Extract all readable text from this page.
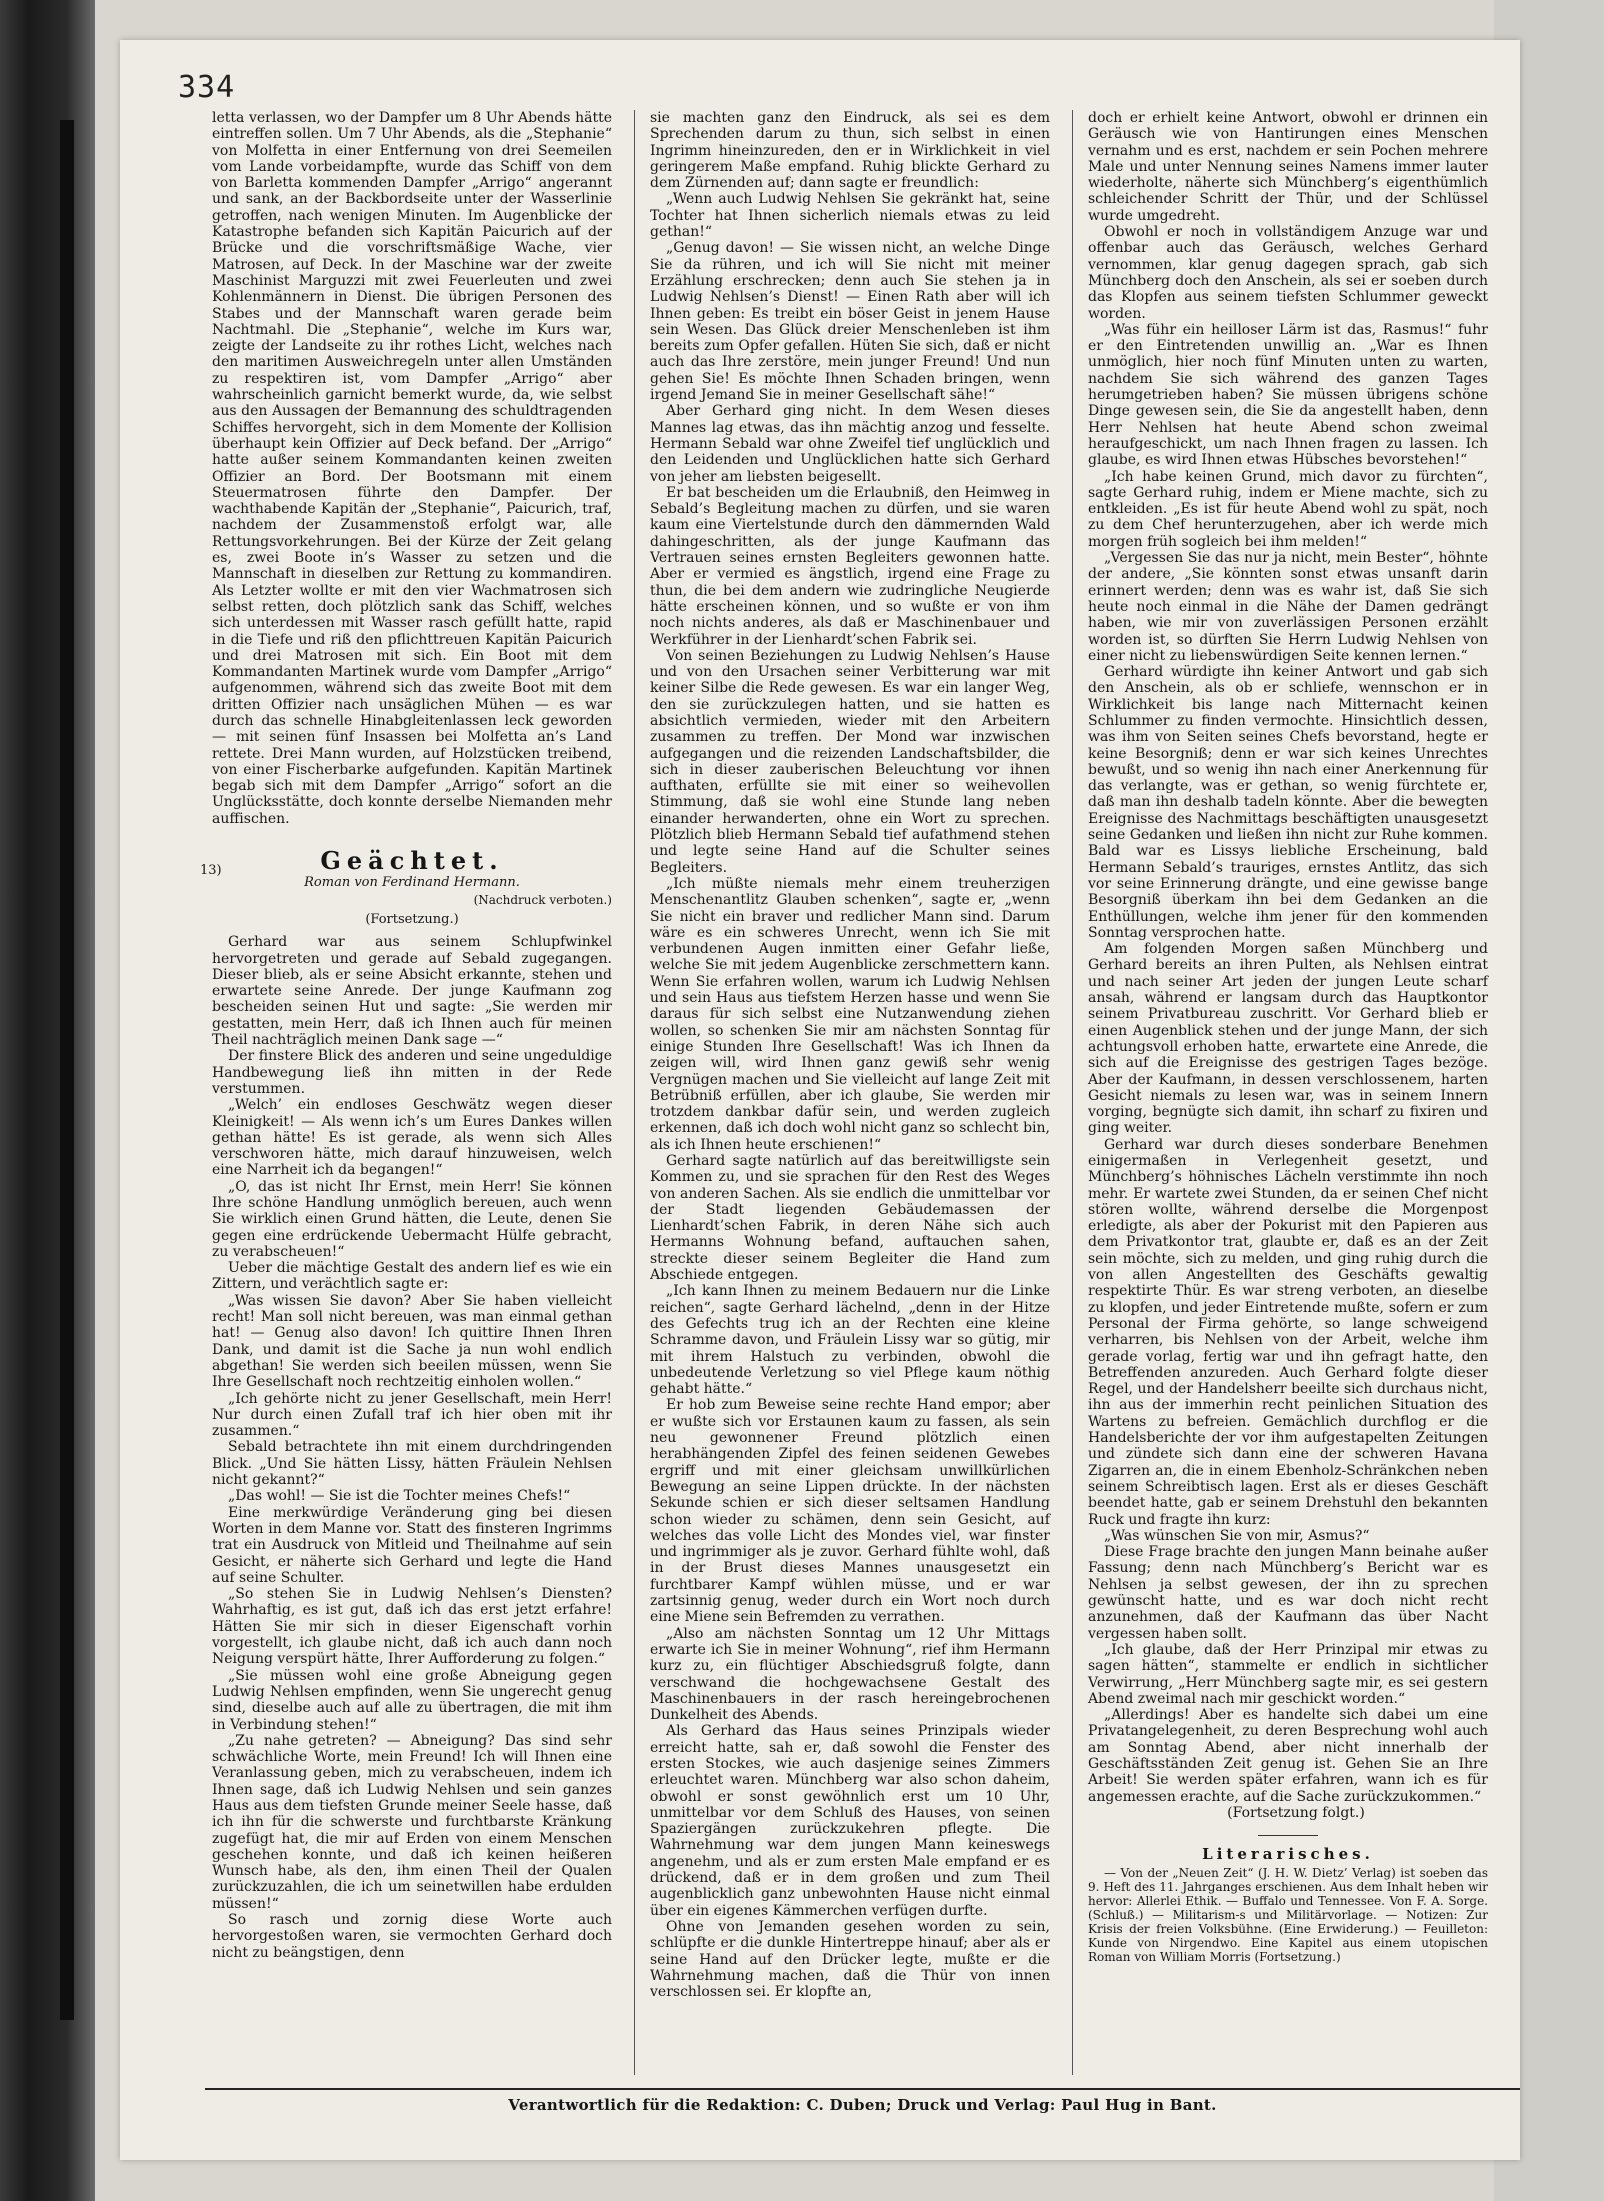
334

letta verlassen, wo der Dampfer um 8 Uhr Abends hätte eintreffen sollen. Um 7 Uhr Abends, als die „Stephanie“ von Molfetta in einer Entfernung von drei Seemeilen vom Lande vorbeidampfte, wurde das Schiff von dem von Barletta kommenden Dampfer „Arrigo“ angerannt und sank, an der Backbordseite unter der Wasserlinie getroffen, nach wenigen Minuten. Im Augenblicke der Katastrophe befanden sich Kapitän Paicurich auf der Brücke und die vorschriftsmäßige Wache, vier Matrosen, auf Deck. In der Maschine war der zweite Maschinist Marguzzi mit zwei Feuerleuten und zwei Kohlenmännern in Dienst. Die übrigen Personen des Stabes und der Mannschaft waren gerade beim Nachtmahl. Die „Stephanie“, welche im Kurs war, zeigte der Landseite zu ihr rothes Licht, welches nach den maritimen Ausweichregeln unter allen Umständen zu respektiren ist, vom Dampfer „Arrigo“ aber wahrscheinlich garnicht bemerkt wurde, da, wie selbst aus den Aussagen der Bemannung des schuldtragenden Schiffes hervorgeht, sich in dem Momente der Kollision überhaupt kein Offizier auf Deck befand. Der „Arrigo“ hatte außer seinem Kommandanten keinen zweiten Offizier an Bord. Der Bootsmann mit einem Steuermatrosen führte den Dampfer. Der wachthabende Kapitän der „Stephanie“, Paicurich, traf, nachdem der Zusammenstoß erfolgt war, alle Rettungsvorkehrungen. Bei der Kürze der Zeit gelang es, zwei Boote in’s Wasser zu setzen und die Mannschaft in dieselben zur Rettung zu kommandiren. Als Letzter wollte er mit den vier Wachmatrosen sich selbst retten, doch plötzlich sank das Schiff, welches sich unterdessen mit Wasser rasch gefüllt hatte, rapid in die Tiefe und riß den pflichttreuen Kapitän Paicurich und drei Matrosen mit sich. Ein Boot mit dem Kommandanten Martinek wurde vom Dampfer „Arrigo“ aufgenommen, während sich das zweite Boot mit dem dritten Offizier nach unsäglichen Mühen — es war durch das schnelle Hinabgleitenlassen leck geworden — mit seinen fünf Insassen bei Molfetta an’s Land rettete. Drei Mann wurden, auf Holzstücken treibend, von einer Fischerbarke aufgefunden. Kapitän Martinek begab sich mit dem Dampfer „Arrigo“ sofort an die Unglücksstätte, doch konnte derselbe Niemanden mehr auffischen.

13)	Geächtet.
Roman von Ferdinand Hermann.
(Nachdruck verboten.)
(Fortsetzung.)

Gerhard war aus seinem Schlupfwinkel hervorgetreten und gerade auf Sebald zugegangen. Dieser blieb, als er seine Absicht erkannte, stehen und erwartete seine Anrede. Der junge Kaufmann zog bescheiden seinen Hut und sagte: „Sie werden mir gestatten, mein Herr, daß ich Ihnen auch für meinen Theil nachträglich meinen Dank sage —“

Der finstere Blick des anderen und seine ungeduldige Handbewegung ließ ihn mitten in der Rede verstummen.

„Welch’ ein endloses Geschwätz wegen dieser Kleinigkeit! — Als wenn ich’s um Eures Dankes willen gethan hätte! Es ist gerade, als wenn sich Alles verschworen hätte, mich darauf hinzuweisen, welch eine Narrheit ich da begangen!“

„O, das ist nicht Ihr Ernst, mein Herr! Sie können Ihre schöne Handlung unmöglich bereuen, auch wenn Sie wirklich einen Grund hätten, die Leute, denen Sie gegen eine erdrückende Uebermacht Hülfe gebracht, zu verabscheuen!“

Ueber die mächtige Gestalt des andern lief es wie ein Zittern, und verächtlich sagte er:

„Was wissen Sie davon? Aber Sie haben vielleicht recht! Man soll nicht bereuen, was man einmal gethan hat! — Genug also davon! Ich quittire Ihnen Ihren Dank, und damit ist die Sache ja nun wohl endlich abgethan! Sie werden sich beeilen müssen, wenn Sie Ihre Gesellschaft noch rechtzeitig einholen wollen.“

„Ich gehörte nicht zu jener Gesellschaft, mein Herr! Nur durch einen Zufall traf ich hier oben mit ihr zusammen.“

Sebald betrachtete ihn mit einem durchdringenden Blick. „Und Sie hätten Lissy, hätten Fräulein Nehlsen nicht gekannt?“

„Das wohl! — Sie ist die Tochter meines Chefs!“

Eine merkwürdige Veränderung ging bei diesen Worten in dem Manne vor. Statt des finsteren Ingrimms trat ein Ausdruck von Mitleid und Theilnahme auf sein Gesicht, er näherte sich Gerhard und legte die Hand auf seine Schulter.

„So stehen Sie in Ludwig Nehlsen’s Diensten? Wahrhaftig, es ist gut, daß ich das erst jetzt erfahre! Hätten Sie mir sich in dieser Eigenschaft vorhin vorgestellt, ich glaube nicht, daß ich auch dann noch Neigung verspürt hätte, Ihrer Aufforderung zu folgen.“

„Sie müssen wohl eine große Abneigung gegen Ludwig Nehlsen empfinden, wenn Sie ungerecht genug sind, dieselbe auch auf alle zu übertragen, die mit ihm in Verbindung stehen!“

„Zu nahe getreten? — Abneigung? Das sind sehr schwächliche Worte, mein Freund! Ich will Ihnen eine Veranlassung geben, mich zu verabscheuen, indem ich Ihnen sage, daß ich Ludwig Nehlsen und sein ganzes Haus aus dem tiefsten Grunde meiner Seele hasse, daß ich ihn für die schwerste und furchtbarste Kränkung zugefügt hat, die mir auf Erden von einem Menschen geschehen konnte, und daß ich keinen heißeren Wunsch habe, als den, ihm einen Theil der Qualen zurückzuzahlen, die ich um seinetwillen habe erdulden müssen!“

So rasch und zornig diese Worte auch hervorgestoßen waren, sie vermochten Gerhard doch nicht zu beängstigen, denn

sie machten ganz den Eindruck, als sei es dem Sprechenden darum zu thun, sich selbst in einen Ingrimm hineinzureden, den er in Wirklichkeit in viel geringerem Maße empfand. Ruhig blickte Gerhard zu dem Zürnenden auf; dann sagte er freundlich:

„Wenn auch Ludwig Nehlsen Sie gekränkt hat, seine Tochter hat Ihnen sicherlich niemals etwas zu leid gethan!“

„Genug davon! — Sie wissen nicht, an welche Dinge Sie da rühren, und ich will Sie nicht mit meiner Erzählung erschrecken; denn auch Sie stehen ja in Ludwig Nehlsen’s Dienst! — Einen Rath aber will ich Ihnen geben: Es treibt ein böser Geist in jenem Hause sein Wesen. Das Glück dreier Menschenleben ist ihm bereits zum Opfer gefallen. Hüten Sie sich, daß er nicht auch das Ihre zerstöre, mein junger Freund! Und nun gehen Sie! Es möchte Ihnen Schaden bringen, wenn irgend Jemand Sie in meiner Gesellschaft sähe!“

Aber Gerhard ging nicht. In dem Wesen dieses Mannes lag etwas, das ihn mächtig anzog und fesselte. Hermann Sebald war ohne Zweifel tief unglücklich und den Leidenden und Unglücklichen hatte sich Gerhard von jeher am liebsten beigesellt.

Er bat bescheiden um die Erlaubniß, den Heimweg in Sebald’s Begleitung machen zu dürfen, und sie waren kaum eine Viertelstunde durch den dämmernden Wald dahingeschritten, als der junge Kaufmann das Vertrauen seines ernsten Begleiters gewonnen hatte. Aber er vermied es ängstlich, irgend eine Frage zu thun, die bei dem andern wie zudringliche Neugierde hätte erscheinen können, und so wußte er von ihm noch nichts anderes, als daß er Maschinenbauer und Werkführer in der Lienhardt’schen Fabrik sei.

Von seinen Beziehungen zu Ludwig Nehlsen’s Hause und von den Ursachen seiner Verbitterung war mit keiner Silbe die Rede gewesen. Es war ein langer Weg, den sie zurückzulegen hatten, und sie hatten es absichtlich vermieden, wieder mit den Arbeitern zusammen zu treffen. Der Mond war inzwischen aufgegangen und die reizenden Landschaftsbilder, die sich in dieser zauberischen Beleuchtung vor ihnen aufthaten, erfüllte sie mit einer so weihevollen Stimmung, daß sie wohl eine Stunde lang neben einander herwanderten, ohne ein Wort zu sprechen. Plötzlich blieb Hermann Sebald tief aufathmend stehen und legte seine Hand auf die Schulter seines Begleiters.

„Ich müßte niemals mehr einem treuherzigen Menschenantlitz Glauben schenken“, sagte er, „wenn Sie nicht ein braver und redlicher Mann sind. Darum wäre es ein schweres Unrecht, wenn ich Sie mit verbundenen Augen inmitten einer Gefahr ließe, welche Sie mit jedem Augenblicke zerschmettern kann. Wenn Sie erfahren wollen, warum ich Ludwig Nehlsen und sein Haus aus tiefstem Herzen hasse und wenn Sie daraus für sich selbst eine Nutzanwendung ziehen wollen, so schenken Sie mir am nächsten Sonntag für einige Stunden Ihre Gesellschaft! Was ich Ihnen da zeigen will, wird Ihnen ganz gewiß sehr wenig Vergnügen machen und Sie vielleicht auf lange Zeit mit Betrübniß erfüllen, aber ich glaube, Sie werden mir trotzdem dankbar dafür sein, und werden zugleich erkennen, daß ich doch wohl nicht ganz so schlecht bin, als ich Ihnen heute erschienen!“

Gerhard sagte natürlich auf das bereitwilligste sein Kommen zu, und sie sprachen für den Rest des Weges von anderen Sachen. Als sie endlich die unmittelbar vor der Stadt liegenden Gebäudemassen der Lienhardt’schen Fabrik, in deren Nähe sich auch Hermanns Wohnung befand, auftauchen sahen, streckte dieser seinem Begleiter die Hand zum Abschiede entgegen.

„Ich kann Ihnen zu meinem Bedauern nur die Linke reichen“, sagte Gerhard lächelnd, „denn in der Hitze des Gefechts trug ich an der Rechten eine kleine Schramme davon, und Fräulein Lissy war so gütig, mir mit ihrem Halstuch zu verbinden, obwohl die unbedeutende Verletzung so viel Pflege kaum nöthig gehabt hätte.“

Er hob zum Beweise seine rechte Hand empor; aber er wußte sich vor Erstaunen kaum zu fassen, als sein neu gewonnener Freund plötzlich einen herabhängenden Zipfel des feinen seidenen Gewebes ergriff und mit einer gleichsam unwillkürlichen Bewegung an seine Lippen drückte. In der nächsten Sekunde schien er sich dieser seltsamen Handlung schon wieder zu schämen, denn sein Gesicht, auf welches das volle Licht des Mondes viel, war finster und ingrimmiger als je zuvor. Gerhard fühlte wohl, daß in der Brust dieses Mannes unausgesetzt ein furchtbarer Kampf wühlen müsse, und er war zartsinnig genug, weder durch ein Wort noch durch eine Miene sein Befremden zu verrathen.

„Also am nächsten Sonntag um 12 Uhr Mittags erwarte ich Sie in meiner Wohnung“, rief ihm Hermann kurz zu, ein flüchtiger Abschiedsgruß folgte, dann verschwand die hochgewachsene Gestalt des Maschinenbauers in der rasch hereingebrochenen Dunkelheit des Abends.

Als Gerhard das Haus seines Prinzipals wieder erreicht hatte, sah er, daß sowohl die Fenster des ersten Stockes, wie auch dasjenige seines Zimmers erleuchtet waren. Münchberg war also schon daheim, obwohl er sonst gewöhnlich erst um 10 Uhr, unmittelbar vor dem Schluß des Hauses, von seinen Spaziergängen zurückzukehren pflegte. Die Wahrnehmung war dem jungen Mann keineswegs angenehm, und als er zum ersten Male empfand er es drückend, daß er in dem großen und zum Theil augenblicklich ganz unbewohnten Hause nicht einmal über ein eigenes Kämmerchen verfügen durfte.

Ohne von Jemanden gesehen worden zu sein, schlüpfte er die dunkle Hintertreppe hinauf; aber als er seine Hand auf den Drücker legte, mußte er die Wahrnehmung machen, daß die Thür von innen verschlossen sei. Er klopfte an,

doch er erhielt keine Antwort, obwohl er drinnen ein Geräusch wie von Hantirungen eines Menschen vernahm und es erst, nachdem er sein Pochen mehrere Male und unter Nennung seines Namens immer lauter wiederholte, näherte sich Münchberg’s eigenthümlich schleichender Schritt der Thür, und der Schlüssel wurde umgedreht.

Obwohl er noch in vollständigem Anzuge war und offenbar auch das Geräusch, welches Gerhard vernommen, klar genug dagegen sprach, gab sich Münchberg doch den Anschein, als sei er soeben durch das Klopfen aus seinem tiefsten Schlummer geweckt worden.

„Was führ ein heilloser Lärm ist das, Rasmus!“ fuhr er den Eintretenden unwillig an. „War es Ihnen unmöglich, hier noch fünf Minuten unten zu warten, nachdem Sie sich während des ganzen Tages herumgetrieben haben? Sie müssen übrigens schöne Dinge gewesen sein, die Sie da angestellt haben, denn Herr Nehlsen hat heute Abend schon zweimal heraufgeschickt, um nach Ihnen fragen zu lassen. Ich glaube, es wird Ihnen etwas Hübsches bevorstehen!“

„Ich habe keinen Grund, mich davor zu fürchten“, sagte Gerhard ruhig, indem er Miene machte, sich zu entkleiden. „Es ist für heute Abend wohl zu spät, noch zu dem Chef herunterzugehen, aber ich werde mich morgen früh sogleich bei ihm melden!“

„Vergessen Sie das nur ja nicht, mein Bester“, höhnte der andere, „Sie könnten sonst etwas unsanft darin erinnert werden; denn was es wahr ist, daß Sie sich heute noch einmal in die Nähe der Damen gedrängt haben, wie mir von zuverlässigen Personen erzählt worden ist, so dürften Sie Herrn Ludwig Nehlsen von einer nicht zu liebenswürdigen Seite kennen lernen.“

Gerhard würdigte ihn keiner Antwort und gab sich den Anschein, als ob er schliefe, wennschon er in Wirklichkeit bis lange nach Mitternacht keinen Schlummer zu finden vermochte. Hinsichtlich dessen, was ihm von Seiten seines Chefs bevorstand, hegte er keine Besorgniß; denn er war sich keines Unrechtes bewußt, und so wenig ihn nach einer Anerkennung für das verlangte, was er gethan, so wenig fürchtete er, daß man ihn deshalb tadeln könnte. Aber die bewegten Ereignisse des Nachmittags beschäftigten unausgesetzt seine Gedanken und ließen ihn nicht zur Ruhe kommen. Bald war es Lissys liebliche Erscheinung, bald Hermann Sebald’s trauriges, ernstes Antlitz, das sich vor seine Erinnerung drängte, und eine gewisse bange Besorgniß überkam ihn bei dem Gedanken an die Enthüllungen, welche ihm jener für den kommenden Sonntag versprochen hatte.

Am folgenden Morgen saßen Münchberg und Gerhard bereits an ihren Pulten, als Nehlsen eintrat und nach seiner Art jeden der jungen Leute scharf ansah, während er langsam durch das Hauptkontor seinem Privatbureau zuschritt. Vor Gerhard blieb er einen Augenblick stehen und der junge Mann, der sich achtungsvoll erhoben hatte, erwartete eine Anrede, die sich auf die Ereignisse des gestrigen Tages bezöge. Aber der Kaufmann, in dessen verschlossenem, harten Gesicht niemals zu lesen war, was in seinem Innern vorging, begnügte sich damit, ihn scharf zu fixiren und ging weiter.

Gerhard war durch dieses sonderbare Benehmen einigermaßen in Verlegenheit gesetzt, und Münchberg’s höhnisches Lächeln verstimmte ihn noch mehr. Er wartete zwei Stunden, da er seinen Chef nicht stören wollte, während derselbe die Morgenpost erledigte, als aber der Pokurist mit den Papieren aus dem Privatkontor trat, glaubte er, daß es an der Zeit sein möchte, sich zu melden, und ging ruhig durch die von allen Angestellten des Geschäfts gewaltig respektirte Thür. Es war streng verboten, an dieselbe zu klopfen, und jeder Eintretende mußte, sofern er zum Personal der Firma gehörte, so lange schweigend verharren, bis Nehlsen von der Arbeit, welche ihm gerade vorlag, fertig war und ihn gefragt hatte, den Betreffenden anzureden. Auch Gerhard folgte dieser Regel, und der Handelsherr beeilte sich durchaus nicht, ihn aus der immerhin recht peinlichen Situation des Wartens zu befreien. Gemächlich durchflog er die Handelsberichte der vor ihm aufgestapelten Zeitungen und zündete sich dann eine der schweren Havana Zigarren an, die in einem Ebenholz-Schränkchen neben seinem Schreibtisch lagen. Erst als er dieses Geschäft beendet hatte, gab er seinem Drehstuhl den bekannten Ruck und fragte ihn kurz:

„Was wünschen Sie von mir, Asmus?“

Diese Frage brachte den jungen Mann beinahe außer Fassung; denn nach Münchberg’s Bericht war es Nehlsen ja selbst gewesen, der ihn zu sprechen gewünscht hatte, und es war doch nicht recht anzunehmen, daß der Kaufmann das über Nacht vergessen haben sollt.

„Ich glaube, daß der Herr Prinzipal mir etwas zu sagen hätten“, stammelte er endlich in sichtlicher Verwirrung, „Herr Münchberg sagte mir, es sei gestern Abend zweimal nach mir geschickt worden.“

„Allerdings! Aber es handelte sich dabei um eine Privatangelegenheit, zu deren Besprechung wohl auch am Sonntag Abend, aber nicht innerhalb der Geschäftsständen Zeit genug ist. Gehen Sie an Ihre Arbeit! Sie werden später erfahren, wann ich es für angemessen erachte, auf die Sache zurückzukommen.“

(Fortsetzung folgt.)

Literarisches.

— Von der „Neuen Zeit“ (J. H. W. Dietz’ Verlag) ist soeben das 9. Heft des 11. Jahrganges erschienen. Aus dem Inhalt heben wir hervor: Allerlei Ethik. — Buffalo und Tennessee. Von F. A. Sorge. (Schluß.) — Militarism-s und Militärvorlage. — Notizen: Zur Krisis der freien Volksbühne. (Eine Erwiderung.) — Feuilleton: Kunde von Nirgendwo. Eine Kapitel aus einem utopischen Roman von William Morris (Fortsetzung.)

Verantwortlich für die Redaktion: C. Duben; Druck und Verlag: Paul Hug in Bant.
